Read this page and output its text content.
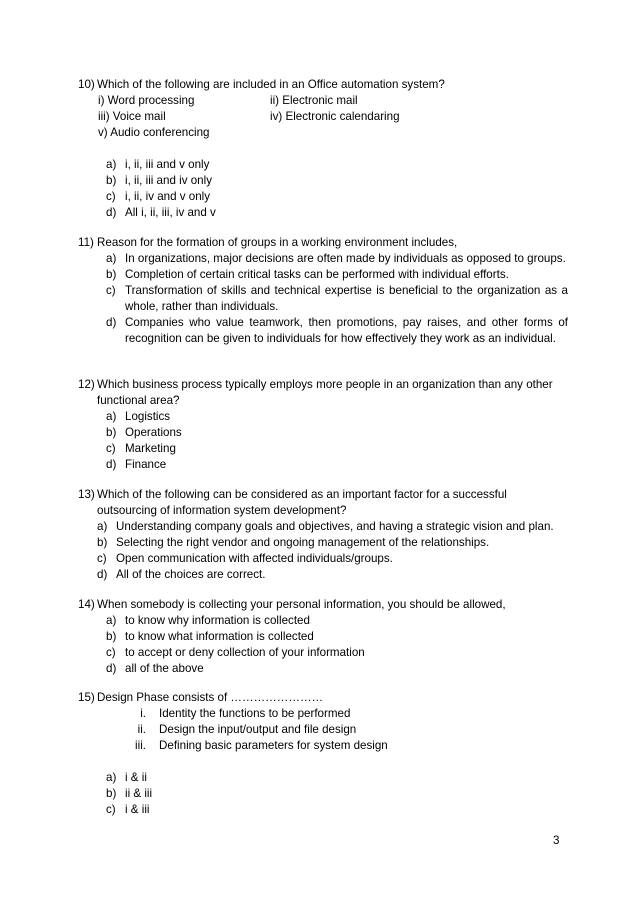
10) Which of the following are included in an Office automation system?
i) Word processing	ii) Electronic mail
iii) Voice mail	iv) Electronic calendaring
v) Audio conferencing
a) i, ii, iii and v only
b) i, ii, iii and iv only
c) i, ii, iv and v only
d) All i, ii, iii, iv and v
11) Reason for the formation of groups in a working environment includes,
a) In organizations, major decisions are often made by individuals as opposed to groups.
b) Completion of certain critical tasks can be performed with individual efforts.
c) Transformation of skills and technical expertise is beneficial to the organization as a whole, rather than individuals.
d) Companies who value teamwork, then promotions, pay raises, and other forms of recognition can be given to individuals for how effectively they work as an individual.
12) Which business process typically employs more people in an organization than any other functional area?
a) Logistics
b) Operations
c) Marketing
d) Finance
13) Which of the following can be considered as an important factor for a successful outsourcing of information system development?
a) Understanding company goals and objectives, and having a strategic vision and plan.
b) Selecting the right vendor and ongoing management of the relationships.
c) Open communication with affected individuals/groups.
d) All of the choices are correct.
14) When somebody is collecting your personal information, you should be allowed,
a) to know why information is collected
b) to know what information is collected
c) to accept or deny collection of your information
d) all of the above
15) Design Phase consists of ……………………
i. Identity the functions to be performed
ii. Design the input/output and file design
iii. Defining basic parameters for system design
a) i & ii
b) ii & iii
c) i & iii
3
